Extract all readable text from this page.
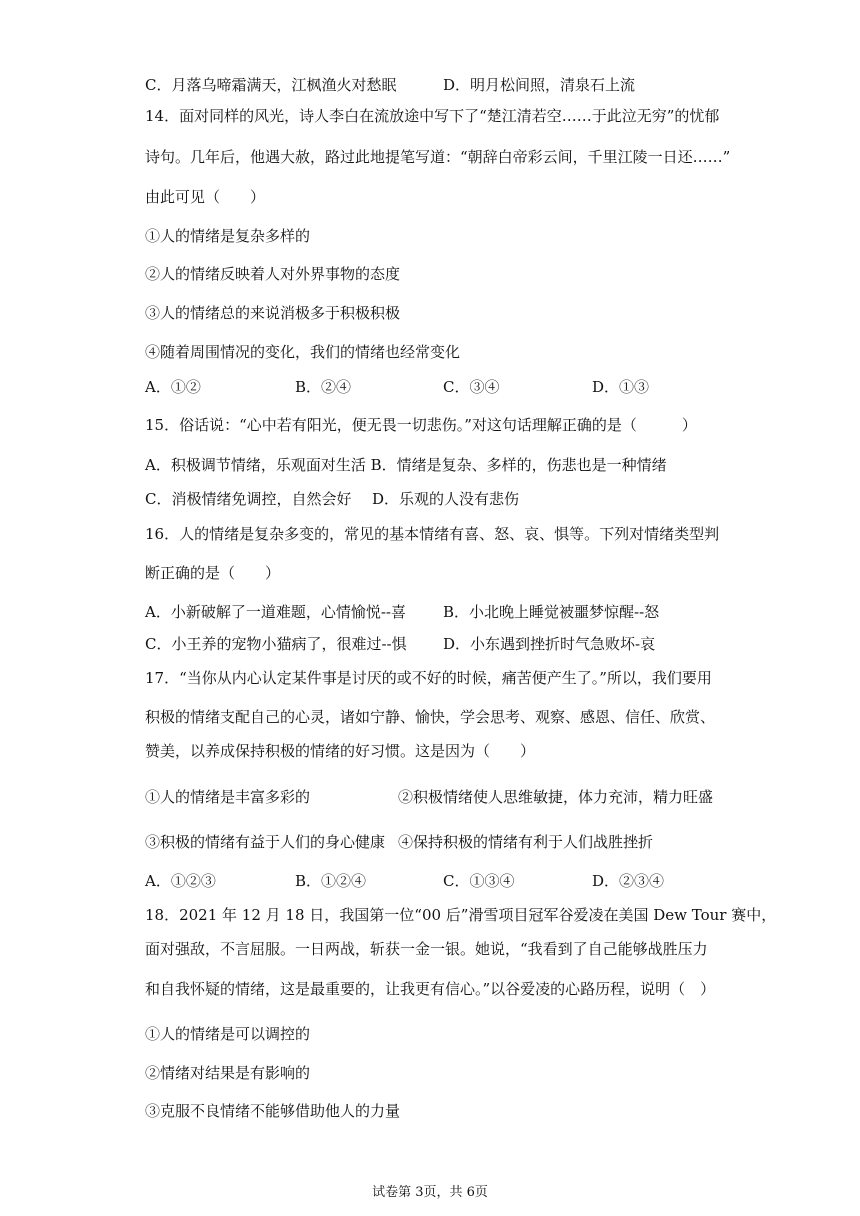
C．月落乌啼霜满天，江枫渔火对愁眠	D．明月松间照，清泉石上流
14．面对同样的风光，诗人李白在流放途中写下了“楚江清若空……于此泣无穷”的忧郁
诗句。几年后，他遇大赦，路过此地提笔写道：“朝辞白帝彩云间，千里江陵一日还……”
由此可见（　　）
①人的情绪是复杂多样的
②人的情绪反映着人对外界事物的态度
③人的情绪总的来说消极多于积极积极
④随着周围情况的变化，我们的情绪也经常变化
A．①②	B．②④	C．③④	D．①③
15．俗话说：“心中若有阳光，便无畏一切悲伤。”对这句话理解正确的是（　　　）
A．积极调节情绪，乐观面对生活 B．情绪是复杂、多样的，伤悲也是一种情绪
C．消极情绪免调控，自然会好 D．乐观的人没有悲伤
16．人的情绪是复杂多变的，常见的基本情绪有喜、怒、哀、惧等。下列对情绪类型判
断正确的是（　　）
A．小新破解了一道难题，心情愉悦--喜 B．小北晚上睡觉被噩梦惊醒--怒
C．小王养的宠物小猫病了，很难过--惧 D．小东遇到挫折时气急败坏-哀
17．“当你从内心认定某件事是讨厌的或不好的时候，痛苦便产生了。”所以，我们要用
积极的情绪支配自己的心灵，诸如宁静、愉快，学会思考、观察、感恩、信任、欣赏、
赞美，以养成保持积极的情绪的好习惯。这是因为（　　）
①人的情绪是丰富多彩的	②积极情绪使人思维敏捷，体力充沛，精力旺盛
③积极的情绪有益于人们的身心健康 ④保持积极的情绪有利于人们战胜挫折
A．①②③	B．①②④	C．①③④	D．②③④
18．2021 年 12 月 18 日，我国第一位“00 后”滑雪项目冠军谷爱凌在美国 Dew Tour 赛中，
面对强敌，不言屈服。一日两战，斩获一金一银。她说，“我看到了自己能够战胜压力
和自我怀疑的情绪，这是最重要的，让我更有信心。”以谷爱凌的心路历程，说明（　）
①人的情绪是可以调控的
②情绪对结果是有影响的
③克服不良情绪不能够借助他人的力量
试卷第 3页，共 6页
